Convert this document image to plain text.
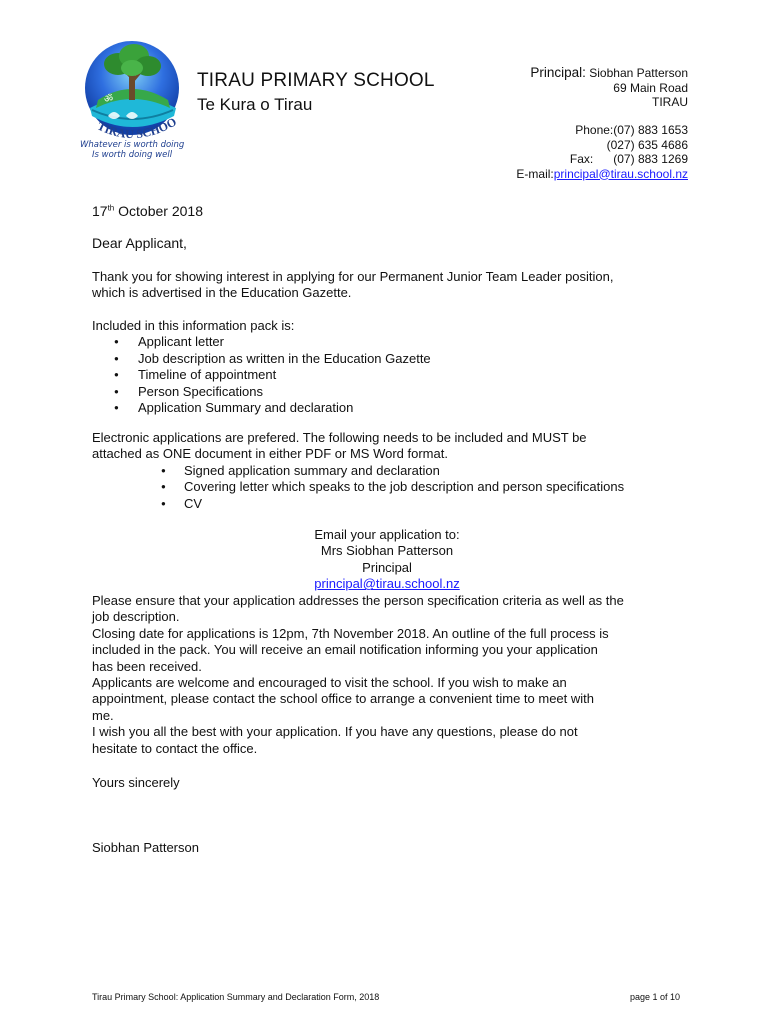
ॐ
TIRAU SCHOO
Whatever is worth doing
Is worth doing well
TIRAU PRIMARY SCHOOL
Te Kura o Tirau
Principal: Siobhan Patterson
69 Main Road
TIRAU
Phone:(07) 883 1653
(027) 635 4686
Fax: (07) 883 1269
E-mail:principal@tirau.school.nz
17th October 2018
Dear Applicant,

Thank you for showing interest in applying for our Permanent Junior Team Leader position,

which is advertised in the Education Gazette.

Included in this information pack is:

● Applicant letter
● Job description as written in the Education Gazette
● Timeline of appointment
● Person Specifications
● Application Summary and declaration

Electronic applications are prefered. The following needs to be included and MUST be

attached as ONE document in either PDF or MS Word format.

● Signed application summary and declaration
● Covering letter which speaks to the job description and person specifications
● CV

Email your application to:

Mrs Siobhan Patterson

Principal

principal@tirau.school.nz

Please ensure that your application addresses the person specification criteria as well as the

job description.

Closing date for applications is 12pm, 7th November 2018. An outline of the full process is

included in the pack. You will receive an email notification informing you your application

has been received.

Applicants are welcome and encouraged to visit the school. If you wish to make an

appointment, please contact the school office to arrange a convenient time to meet with

me.

I wish you all the best with your application. If you have any questions, please do not

hesitate to contact the office.

Yours sincerely
Siobhan Patterson
Tirau Primary School: Application Summary and Declaration Form, 2018	page 1 of 10
